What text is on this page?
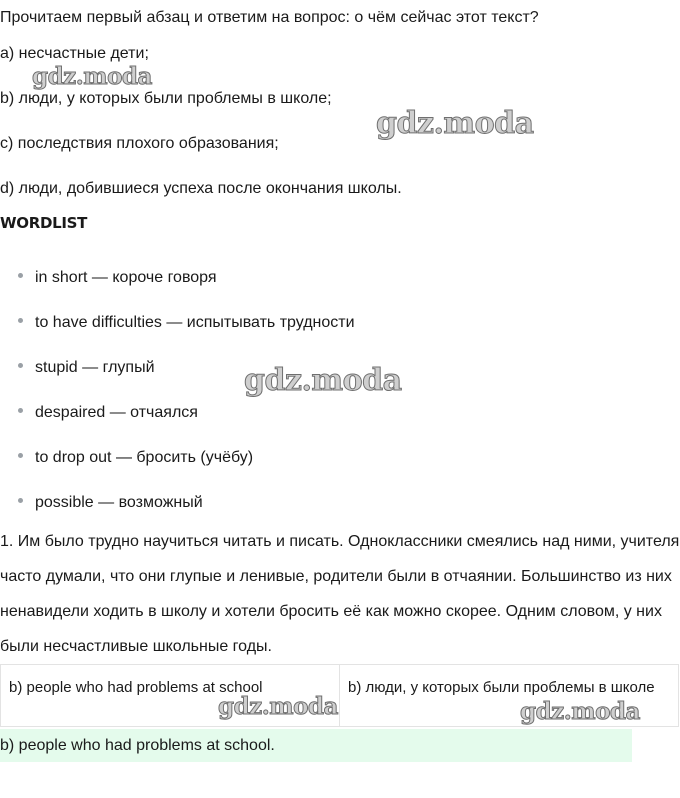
Прочитаем первый абзац и ответим на вопрос: о чём сейчас этот текст?
a) несчастные дети;
b) люди, у которых были проблемы в школе;
c) последствия плохого образования;
d) люди, добившиеся успеха после окончания школы.
WORDLIST
in short — короче говоря
to have difficulties — испытывать трудности
stupid — глупый
despaired — отчаялся
to drop out — бросить (учёбу)
possible — возможный
1. Им было трудно научиться читать и писать. Одноклассники смеялись над ними, учителя часто думали, что они глупые и ленивые, родители были в отчаянии. Большинство из них ненавидели ходить в школу и хотели бросить её как можно скорее. Одним словом, у них были несчастливые школьные годы.
b) people who had problems at school	b) люди, у которых были проблемы в школе
b) people who had problems at school.
gdz.moda
gdz.moda
gdz.moda
gdz.moda	gdz.moda
